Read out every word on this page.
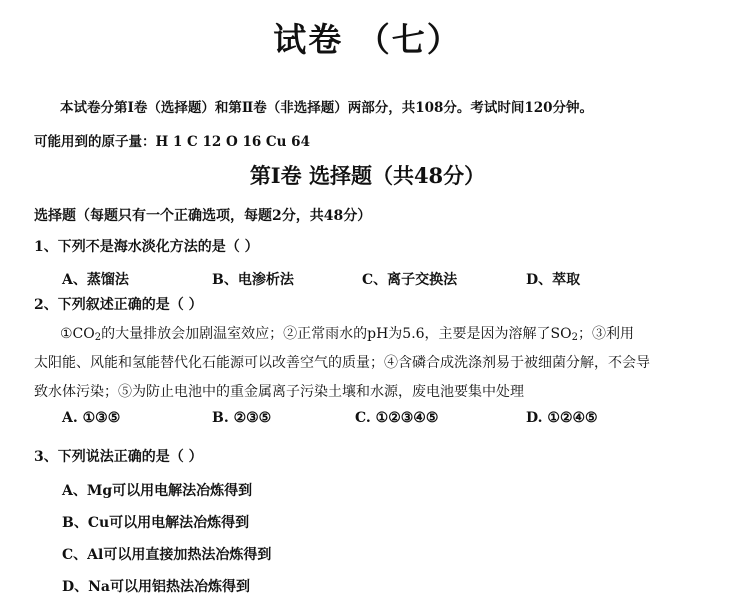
试卷 （七）
本试卷分第Ⅰ卷（选择题）和第Ⅱ卷（非选择题）两部分，共108分。考试时间120分钟。
可能用到的原子量：H 1 C 12 O 16 Cu 64
第Ⅰ卷 选择题（共48分）
选择题（每题只有一个正确选项，每题2分，共48分）
1、下列不是海水淡化方法的是（ ）
A、蒸馏法	B、电渗析法	C、离子交换法	D、萃取
2、下列叙述正确的是（ ）
$①CO_2$的大量排放会加剧温室效应；②正常雨水的pH为5.6，主要是因为溶解了$SO_2$；③利用
太阳能、风能和氢能替代化石能源可以改善空气的质量；④含磷合成洗涤剂易于被细菌分解，不会导
致水体污染；⑤为防止电池中的重金属离子污染土壤和水源，废电池要集中处理
A. ①③⑤	B. ②③⑤	C. ①②③④⑤	D. ①②④⑤
3、下列说法正确的是（ ）
A、Mg可以用电解法冶炼得到
B、Cu可以用电解法冶炼得到
C、Al可以用直接加热法冶炼得到
D、Na可以用铝热法冶炼得到
